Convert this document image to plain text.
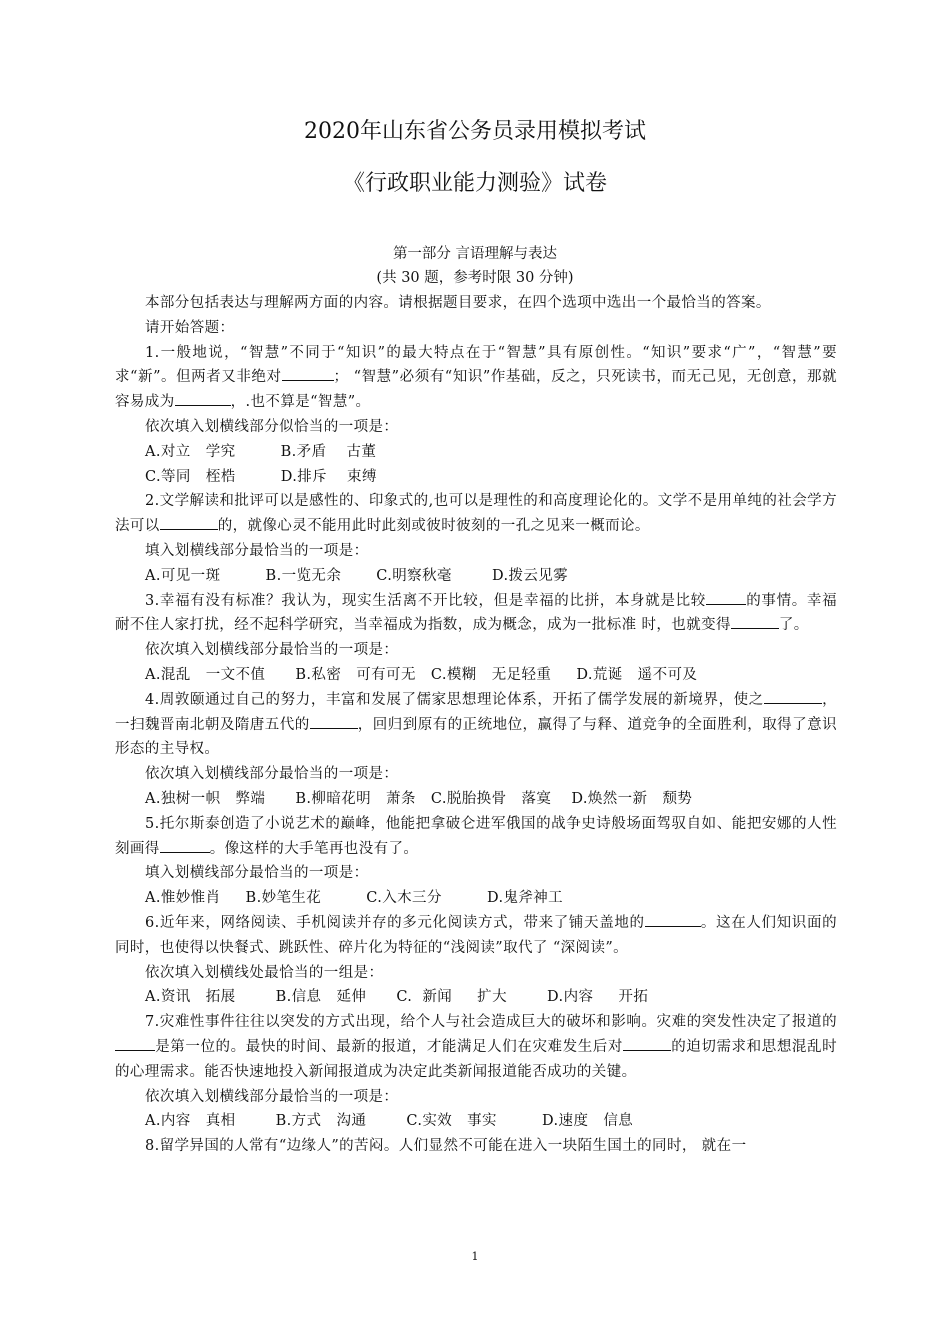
2020年山东省公务员录用模拟考试
《行政职业能力测验》试卷
第一部分 言语理解与表达
(共 30 题，参考时限 30 分钟)

本部分包括表达与理解两方面的内容。请根据题目要求，在四个选项中选出一个最恰当的答案。

请开始答题：

1.一般地说，“智慧”不同于“知识”的最大特点在于“智慧”具有原创性。“知识”要求“广”，“智慧”要求“新”。但两者又非绝对	； “智慧”必须有“知识”作基础，反之，只死读书，而无己见，无创意，那就容易成为	，.也不算是“智慧”。

依次填入划横线部分似恰当的一项是：

A.对立   学究         B.矛盾    古董

C.等同   桎梏         D.排斥    束缚

2.文学解读和批评可以是感性的、印象式的,也可以是理性的和高度理论化的。文学不是用单纯的社会学方法可以	的，就像心灵不能用此时此刻或彼时彼刻的一孔之见来一概而论。

填入划横线部分最恰当的一项是：

A.可见一斑         B.一览无余       C.明察秋毫        D.拨云见雾

3.幸福有没有标准？我认为，现实生活离不开比较，但是幸福的比拼，本身就是比较	的事情。幸福耐不住人家打扰，经不起科学研究，当幸福成为指数，成为概念，成为一批标准 时，也就变得	了。

依次填入划横线部分最恰当的一项是：

A.混乱   一文不值      B.私密   可有可无   C.模糊   无足轻重     D.荒诞   遥不可及

4.周敦颐通过自己的努力，丰富和发展了儒家思想理论体系，开拓了儒学发展的新境界，使之	，一扫魏晋南北朝及隋唐五代的	，回归到原有的正统地位，赢得了与释、道竞争的全面胜利，取得了意识形态的主导权。

依次填入划横线部分最恰当的一项是：

A.独树一帜   弊端      B.柳暗花明   萧条   C.脱胎换骨   落寞    D.焕然一新   颓势

5.托尔斯泰创造了小说艺术的巅峰，他能把拿破仑进军俄国的战争史诗般场面驾驭自如、能把安娜的人性刻画得	。像这样的大手笔再也没有了。

填入划横线部分最恰当的一项是：

A.惟妙惟肖     B.妙笔生花         C.入木三分         D.鬼斧神工

6.近年来，网络阅读、手机阅读并存的多元化阅读方式，带来了铺天盖地的	。这在人们知识面的同时，也使得以快餐式、跳跃性、碎片化为特征的“浅阅读”取代了 “深阅读”。

依次填入划横线处最恰当的一组是：

A.资讯   拓展        B.信息   延伸      C.  新闻     扩大        D.内容     开拓

7.灾难性事件往往以突发的方式出现，给个人与社会造成巨大的破坏和影响。灾难的突发性决定了报道的是第一位的。最快的时间、最新的报道，才能满足人们在灾难发生后对	的迫切需求和思想混乱时的心理需求。能否快速地投入新闻报道成为决定此类新闻报道能否成功的关键。

依次填入划横线部分最恰当的一项是：

A.内容   真相        B.方式   沟通        C.实效   事实         D.速度   信息

8.留学异国的人常有“边缘人”的苦闷。人们显然不可能在进入一块陌生国土的同时， 就在一

1
